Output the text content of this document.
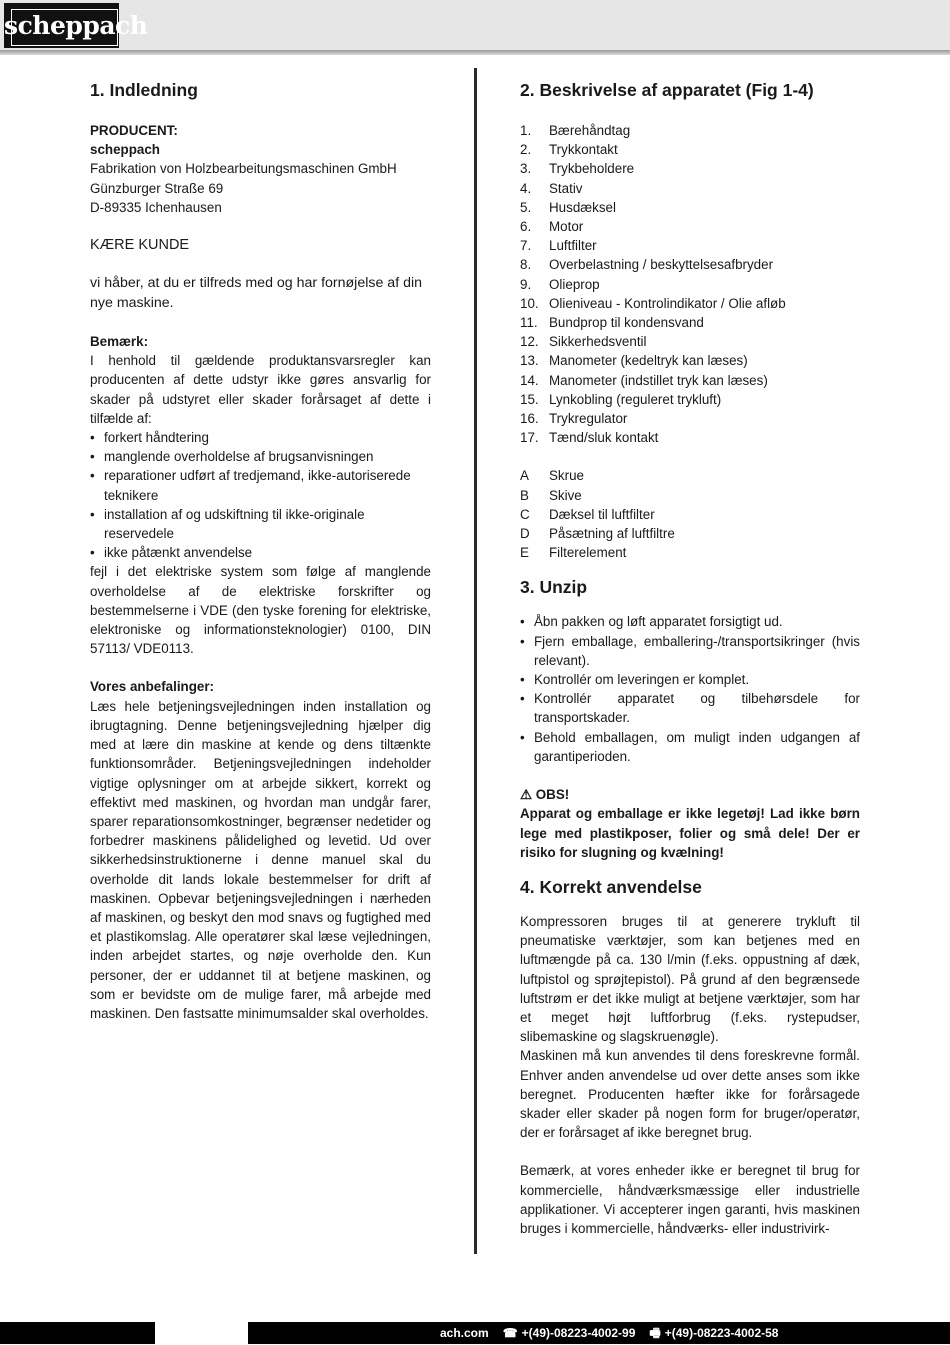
scheppach
1. Indledning

PRODUCENT:

scheppach

Fabrikation von Holzbearbeitungsmaschinen GmbH

Günzburger Straße 69

D-89335 Ichenhausen

KÆRE KUNDE

vi håber, at du er tilfreds med og har fornøjelse af din nye maskine.

Bemærk:

I henhold til gældende produktansvarsregler kan producenten af dette udstyr ikke gøres ansvarlig for skader på udstyret eller skader forårsaget af dette i tilfælde af:

• forkert håndtering
• manglende overholdelse af brugsanvisningen
• reparationer udført af tredjemand, ikke-autoriserede teknikere
• installation af og udskiftning til ikke-originale reservedele
• ikke påtænkt anvendelse

fejl i det elektriske system som følge af manglende overholdelse af de elektriske forskrifter og bestemmelserne i VDE (den tyske forening for elektriske, elektroniske og informationsteknologier) 0100, DIN 57113/ VDE0113.

Vores anbefalinger:

Læs hele betjeningsvejledningen inden installation og ibrugtagning. Denne betjeningsvejledning hjælper dig med at lære din maskine at kende og dens tiltænkte funktionsområder. Betjeningsvejledningen indeholder vigtige oplysninger om at arbejde sikkert, korrekt og effektivt med maskinen, og hvordan man undgår farer, sparer reparationsomkostninger, begrænser nedetider og forbedrer maskinens pålidelighed og levetid. Ud over sikkerhedsinstruktionerne i denne manuel skal du overholde dit lands lokale bestemmelser for drift af maskinen. Opbevar betjeningsvejledningen i nærheden af maskinen, og beskyt den mod snavs og fugtighed med et plastikomslag. Alle operatører skal læse vejledningen, inden arbejdet startes, og nøje overholde den. Kun personer, der er uddannet til at betjene maskinen, og som er bevidste om de mulige farer, må arbejde med maskinen. Den fastsatte minimumsalder skal overholdes.

2. Beskrivelse af apparatet (Fig 1-4)
1.	Bærehåndtag
2.	Trykkontakt
3.	Trykbeholdere
4.	Stativ
5.	Husdæksel
6.	Motor
7.	Luftfilter
8.	Overbelastning / beskyttelsesafbryder
9.	Olieprop
10. Olieniveau - Kontrolindikator / Olie afløb
11. Bundprop til kondensvand
12. Sikkerhedsventil
13. Manometer (kedeltryk kan læses)
14. Manometer (indstillet tryk kan læses)
15. Lynkobling (reguleret trykluft)
16. Trykregulator
17. Tænd/sluk kontakt
A	Skrue
B	Skive
C	Dæksel til luftfilter
D	Påsætning af luftfiltre
E	Filterelement
3. Unzip
• Åbn pakken og løft apparatet forsigtigt ud.
• Fjern emballage, emballering-/transportsikringer (hvis relevant).
• Kontrollér om leveringen er komplet.
• Kontrollér apparatet og tilbehørsdele for transportskader.
• Behold emballagen, om muligt inden udgangen af garantiperioden.

⚠ OBS!

Apparat og emballage er ikke legetøj! Lad ikke børn lege med plastikposer, folier og små dele! Der er risiko for slugning og kvælning!

4. Korrekt anvendelse

Kompressoren bruges til at generere trykluft til pneumatiske værktøjer, som kan betjenes med en luftmængde på ca. 130 l/min (f.eks. oppustning af dæk, luftpistol og sprøjtepistol). På grund af den begrænsede luftstrøm er det ikke muligt at betjene værktøjer, som har et meget højt luftforbrug (f.eks. rystepudser, slibemaskine og slagskruenøgle).

Maskinen må kun anvendes til dens foreskrevne formål. Enhver anden anvendelse ud over dette anses som ikke beregnet. Producenten hæfter ikke for forårsagede skader eller skader på nogen form for bruger/operatør, der er forårsaget af ikke beregnet brug.

Bemærk, at vores enheder ikke er beregnet til brug for kommercielle, håndværksmæssige eller industrielle applikationer. Vi accepterer ingen garanti, hvis maskinen bruges i kommercielle, håndværks- eller industrivirk-

ach.com ☎ +(49)-08223-4002-99 🖷 +(49)-08223-4002-58
